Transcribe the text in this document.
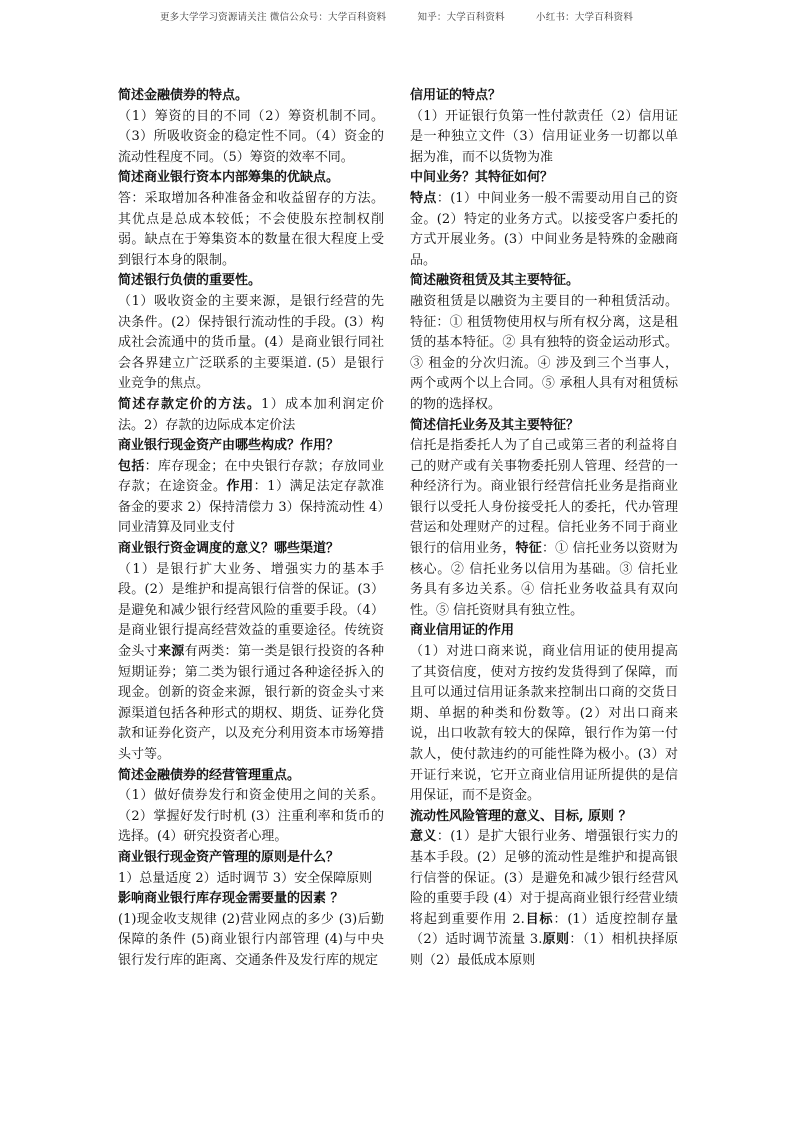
更多大学学习资源请关注 微信公众号：大学百科资料	知乎：大学百科资料	小红书：大学百科资料

简述金融债券的特点。

（1）筹资的目的不同（2）筹资机制不同。（3）所吸收资金的稳定性不同。（4）资金的流动性程度不同。（5）筹资的效率不同。

简述商业银行资本内部筹集的优缺点。

答：采取增加各种准备金和收益留存的方法。其优点是总成本较低；不会使股东控制权削弱。缺点在于筹集资本的数量在很大程度上受到银行本身的限制。

简述银行负债的重要性。

（1）吸收资金的主要来源，是银行经营的先决条件。(2）保持银行流动性的手段。(3）构成社会流通中的货币量。(4）是商业银行同社会各界建立广泛联系的主要渠道. (5）是银行业竞争的焦点。

简述存款定价的方法。1）成本加利润定价法。2）存款的边际成本定价法

商业银行现金资产由哪些构成？作用？

包括：库存现金；在中央银行存款；存放同业存款；在途资金。作用：1）满足法定存款准备金的要求 2）保持清偿力 3）保持流动性 4）同业清算及同业支付

商业银行资金调度的意义？哪些渠道？

（1）是银行扩大业务、增强实力的基本手段。(2）是维护和提高银行信誉的保证。(3）是避免和减少银行经营风险的重要手段。（4）是商业银行提高经营效益的重要途径。传统资金头寸来源有两类：第一类是银行投资的各种短期证券；第二类为银行通过各种途径拆入的现金。创新的资金来源，银行新的资金头寸来源渠道包括各种形式的期权、期货、证券化贷款和证券化资产，以及充分利用资本市场筹措头寸等。

简述金融债券的经营管理重点。

（1）做好债券发行和资金使用之间的关系。（2）掌握好发行时机 (3）注重利率和货币的选择。(4）研究投资者心理。

商业银行现金资产管理的原则是什么？

1）总量适度 2）适时调节 3）安全保障原则

影响商业银行库存现金需要量的因素 ？

(1)现金收支规律 (2)营业网点的多少 (3)后勤保障的条件 (5)商业银行内部管理 (4)与中央银行发行库的距离、交通条件及发行库的规定

信用证的特点？

（1）开证银行负第一性付款责任（2）信用证是一种独立文件（3）信用证业务一切都以单据为准，而不以货物为准

中间业务？其特征如何？

特点：(1）中间业务一般不需要动用自己的资金。(2）特定的业务方式。以接受客户委托的方式开展业务。(3）中间业务是特殊的金融商品。

简述融资租赁及其主要特征。

融资租赁是以融资为主要目的一种租赁活动。特征：① 租赁物使用权与所有权分离，这是租赁的基本特征。② 具有独特的资金运动形式。③ 租金的分次归流。④ 涉及到三个当事人，两个或两个以上合同。⑤ 承租人具有对租赁标的物的选择权。

简述信托业务及其主要特征？

信托是指委托人为了自己或第三者的利益将自己的财产或有关事物委托别人管理、经营的一种经济行为。商业银行经营信托业务是指商业银行以受托人身份接受托人的委托，代办管理营运和处理财产的过程。信托业务不同于商业银行的信用业务，特征：① 信托业务以资财为核心。② 信托业务以信用为基础。③ 信托业务具有多边关系。④ 信托业务收益具有双向性。⑤ 信托资财具有独立性。

商业信用证的作用

（1）对进口商来说，商业信用证的使用提高了其资信度，使对方按约发货得到了保障，而且可以通过信用证条款来控制出口商的交货日期、单据的种类和份数等。(2）对出口商来说，出口收款有较大的保障，银行作为第一付款人，使付款违约的可能性降为极小。(3）对开证行来说，它开立商业信用证所提供的是信用保证，而不是资金。

流动性风险管理的意义、目标, 原则 ？

意义：(1）是扩大银行业务、增强银行实力的基本手段。(2）足够的流动性是维护和提高银行信誉的保证。(3）是避免和减少银行经营风险的重要手段 (4）对于提高商业银行经营业绩将起到重要作用 2.目标：(1）适度控制存量（2）适时调节流量 3.原则：（1）相机抉择原则（2）最低成本原则
